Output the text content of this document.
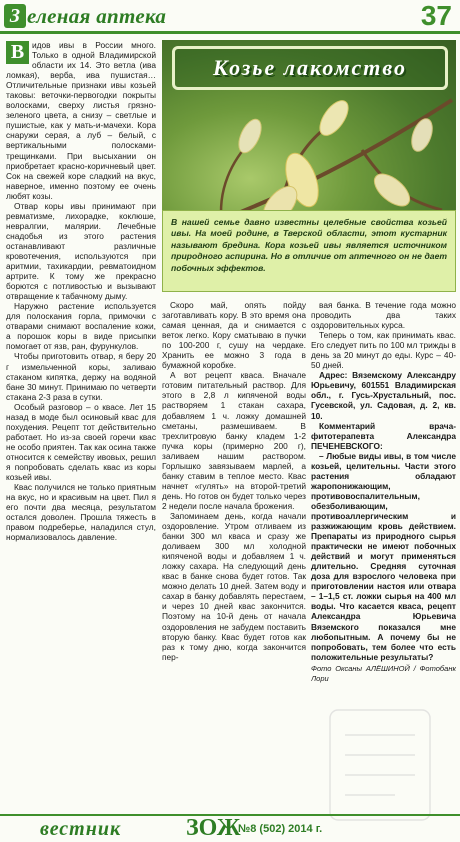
З еленая аптека	37

В идов ивы в России много. Только в одной Владимирской области их 14. Это ветла (ива ломкая), верба, ива пушистая… Отличительные признаки ивы козьей таковы: веточки-первогодки покрыты волосками, сверху листья грязно-зеленого цвета, а снизу – светлые и пушистые, как у мать-и-мачехи. Кора снаружи серая, а луб – белый, с вертикальными полосками-трещинками. При высыхании он приобретает красно-коричневый цвет. Сок на свежей коре сладкий на вкус, наверное, именно поэтому ее очень любят козы.

Отвар коры ивы принимают при ревматизме, лихорадке, коклюше, невралгии, малярии. Лечебные снадобья из этого растения останавливают различные кровотечения, используются при аритмии, тахикардии, ревматоидном артрите. К тому же прекрасно борются с потливостью и вызывают отвращение к табачному дыму.

Наружно растение используется для полоскания горла, примочки с отварами снимают воспаление кожи, а порошок коры в виде присыпки помогает от язв, ран, фурункулов.

Чтобы приготовить отвар, я беру 20 г измельченной коры, заливаю стаканом кипятка, держу на водяной бане 30 минут. Принимаю по четверти стакана 2-3 раза в сутки.

Особый разговор – о квасе. Лет 15 назад в моде был осиновый квас для похудения. Рецепт тот действительно работает. Но из-за своей горечи квас не особо приятен. Так как осина также относится к семейству ивовых, решил я попробовать сделать квас из коры козьей ивы.

Квас получился не только приятным на вкус, но и красивым на цвет. Пил я его почти два месяца, результатом остался доволен. Прошла тяжесть в правом подреберье, наладился стул, нормализовалось давление.

Козье лакомство
В нашей семье давно известны целебные свойства козьей ивы. На моей родине, в Тверской области, этот кустарник называют бредина. Кора козьей ивы является источником природного аспирина. Но в отличие от аптечного он не дает побочных эффектов.

Скоро май, опять пойду заготавливать кору. В это время она самая ценная, да и снимается с веток легко. Кору сматываю в пучки по 100-200 г, сушу на чердаке. Хранить ее можно 3 года в бумажной коробке.

А вот рецепт кваса. Вначале готовим питательный раствор. Для этого в 2,8 л кипяченой воды растворяем 1 стакан сахара, добавляем 1 ч. ложку домашней сметаны, размешиваем. В трехлитровую банку кладем 1-2 пучка коры (примерно 200 г), заливаем нашим раствором. Горлышко завязываем марлей, а банку ставим в теплое место. Квас начнет «гулять» на второй-третий день. Но готов он будет только через 2 недели после начала брожения.

Запоминаем день, когда начали оздоровление. Утром отливаем из банки 300 мл кваса и сразу же доливаем 300 мл холодной кипяченой воды и добавляем 1 ч. ложку сахара. На следующий день квас в банке снова будет готов. Так можно делать 10 дней. Затем воду и сахар в банку добавлять перестаем, и через 10 дней квас закончится. Поэтому на 10-й день от начала оздоровления не забудем поставить вторую банку. Квас будет готов как раз к тому дню, когда закончится пер-

вая банка. В течение года можно проводить два таких оздоровительных курса.

Теперь о том, как принимать квас. Его следует пить по 100 мл трижды в день за 20 минут до еды. Курс – 40-50 дней.

Адрес: Вяземскому Александру Юрьевичу, 601551 Владимирская обл., г. Гусь-Хрустальный, пос. Гусевской, ул. Садовая, д. 2, кв. 10.

Комментарий врача-фитотерапевта Александра ПЕЧЕНЕВСКОГО:

– Любые виды ивы, в том числе козьей, целительны. Части этого растения обладают жаропонижающим, противовоспалительным, обезболивающим, противоаллергическим и разжижающим кровь действием. Препараты из природного сырья практически не имеют побочных действий и могут применяться длительно. Средняя суточная доза для взрослого человека при приготовлении настоя или отвара – 1–1,5 ст. ложки сырья на 400 мл воды. Что касается кваса, рецепт Александра Юрьевича Вяземского показался мне любопытным. А почему бы не попробовать, тем более что есть положительные результаты?

Фото Оксаны АЛЁШИНОЙ / Фотобанк Лори

вестник	ЗОЖ
№8 (502) 2014 г.
